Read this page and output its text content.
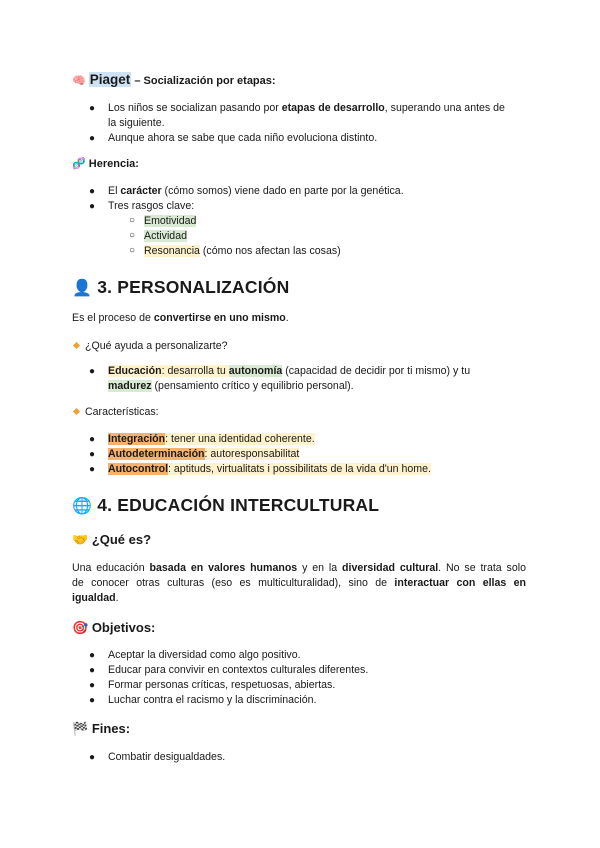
🧠 Piaget – Socialización por etapas:
● Los niños se socializan pasando por etapas de desarrollo, superando una antes de
la siguiente.
● Aunque ahora se sabe que cada niño evoluciona distinto.
🧬 Herencia:
● El carácter (cómo somos) viene dado en parte por la genética.
● Tres rasgos clave:
○ Emotividad
○ Actividad
○ Resonancia (cómo nos afectan las cosas)
👤 3. PERSONALIZACIÓN
Es el proceso de convertirse en uno mismo.
¿Qué ayuda a personalizarte?
● Educación: desarrolla tu autonomía (capacidad de decidir por ti mismo) y tu
madurez (pensamiento crítico y equilibrio personal).
Características:
● Integración: tener una identidad coherente.
● Autodeterminación: autoresponsabilitat
● Autocontrol: aptituds, virtualitats i possibilitats de la vida d'un home.
🌐 4. EDUCACIÓN INTERCULTURAL
🤝 ¿Qué es?
Una educación basada en valores humanos y en la diversidad cultural. No se trata solo
de conocer otras culturas (eso es multiculturalidad), sino de interactuar con ellas en
igualdad.
🎯 Objetivos:
● Aceptar la diversidad como algo positivo.
● Educar para convivir en contextos culturales diferentes.
● Formar personas críticas, respetuosas, abiertas.
● Luchar contra el racismo y la discriminación.
🏁 Fines:
● Combatir desigualdades.
